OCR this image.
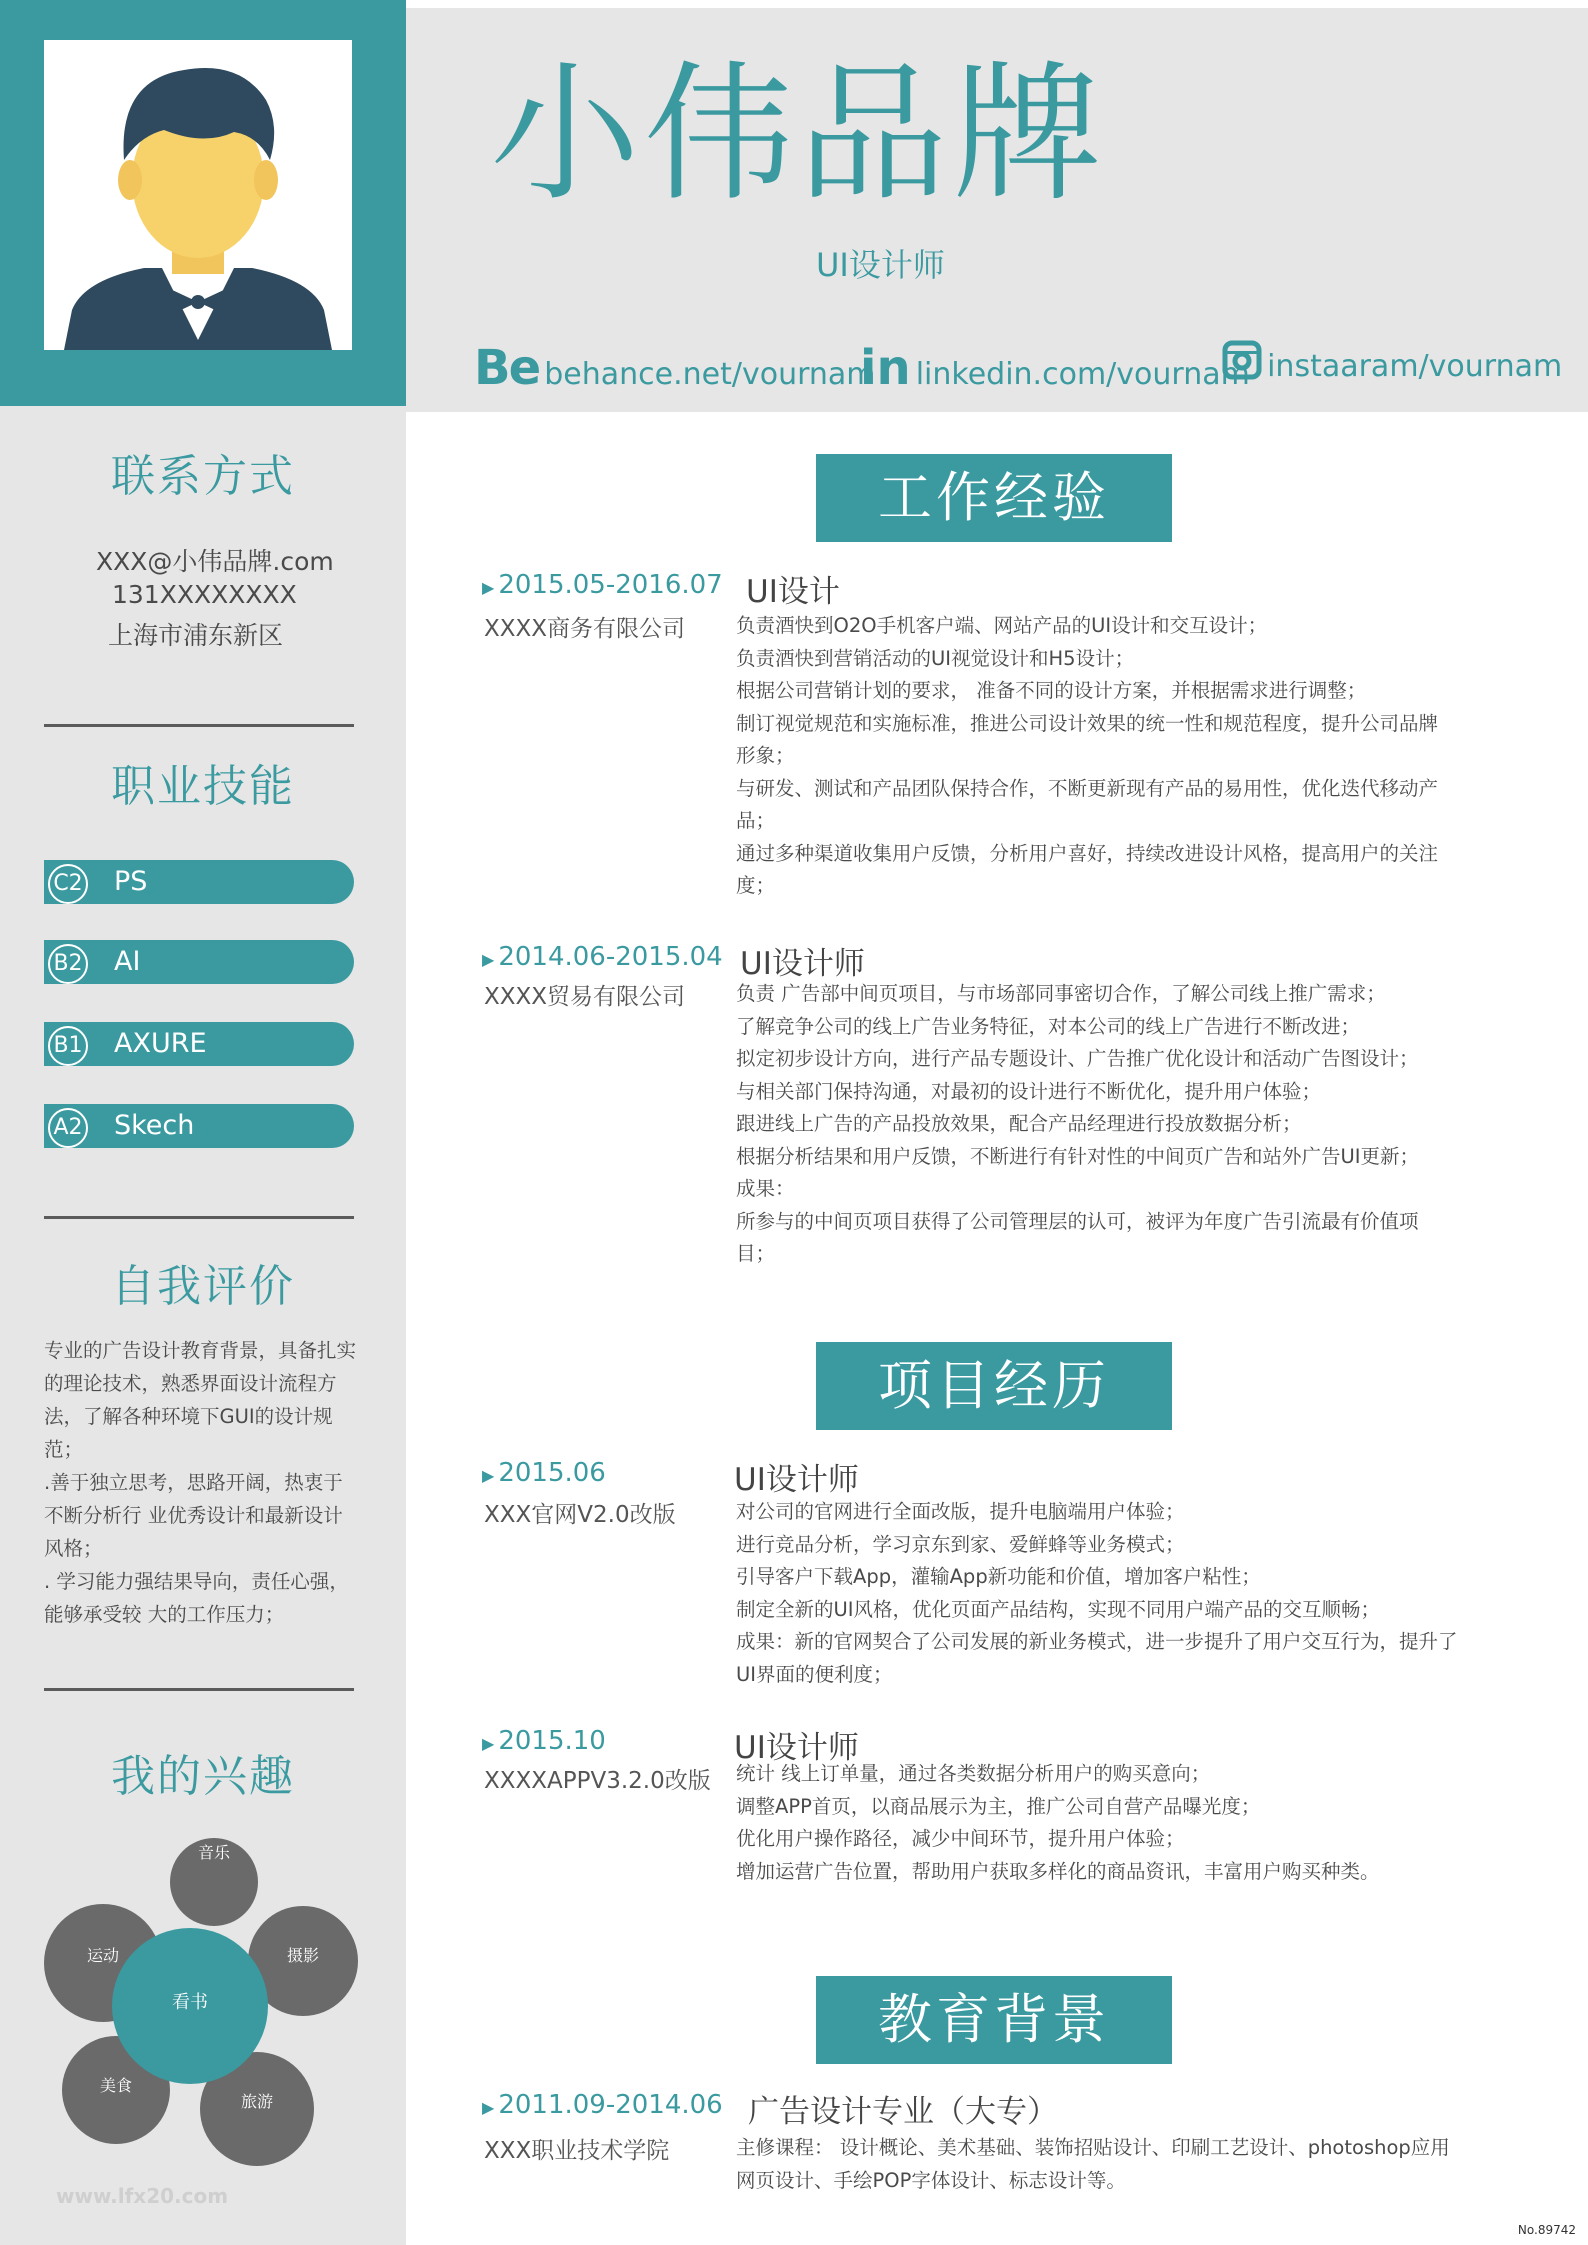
联系方式
XXX@小伟品牌.com
131XXXXXXXX
上海市浦东新区
职业技能
C2 PS
B2 AI
B1 AXURE
A2 Skech
自我评价

专业的广告设计教育背景，具备扎实的理论技术，熟悉界面设计流程方法，了解各种环境下GUI的设计规范；

.善于独立思考，思路开阔，热衷于不断分析行 业优秀设计和最新设计风格；

. 学习能力强结果导向，责任心强，能够承受较 大的工作压力；

我的兴趣
音乐
摄影
旅游
美食
运动
看书
www.lfx20.com
小伟品牌
UI设计师
Be behance.net/vournam
in linkedin.com/vournam instaaram/vournam
工作经验
▶ 2015.05-2016.07 UI设计
XXXX商务有限公司	负责酒快到O2O手机客户端、网站产品的UI设计和交互设计；
负责酒快到营销活动的UI视觉设计和H5设计；
根据公司营销计划的要求， 准备不同的设计方案，并根据需求进行调整；
制订视觉规范和实施标准，推进公司设计效果的统一性和规范程度，提升公司品牌
形象；
与研发、测试和产品团队保持合作，不断更新现有产品的易用性，优化迭代移动产
品；
通过多种渠道收集用户反馈，分析用户喜好，持续改进设计风格，提高用户的关注
度；
▶ 2014.06-2015.04 UI设计师
XXXX贸易有限公司	负责 广告部中间页项目，与市场部同事密切合作，了解公司线上推广需求；
了解竞争公司的线上广告业务特征，对本公司的线上广告进行不断改进；
拟定初步设计方向，进行产品专题设计、广告推广优化设计和活动广告图设计；
与相关部门保持沟通，对最初的设计进行不断优化，提升用户体验；
跟进线上广告的产品投放效果，配合产品经理进行投放数据分析；
根据分析结果和用户反馈，不断进行有针对性的中间页广告和站外广告UI更新；
成果：
所参与的中间页项目获得了公司管理层的认可，被评为年度广告引流最有价值项
目；
项目经历
▶ 2015.06	UI设计师
XXX官网V2.0改版	对公司的官网进行全面改版，提升电脑端用户体验；
进行竞品分析，学习京东到家、爱鲜蜂等业务模式；
引导客户下载App，灌输App新功能和价值，增加客户粘性；
制定全新的UI风格，优化页面产品结构，实现不同用户端产品的交互顺畅；
成果：新的官网契合了公司发展的新业务模式，进一步提升了用户交互行为，提升了
UI界面的便利度；
▶ 2015.10	UI设计师
XXXXAPPV3.2.0改版 统计 线上订单量，通过各类数据分析用户的购买意向；
调整APP首页，以商品展示为主，推广公司自营产品曝光度；
优化用户操作路径，减少中间环节，提升用户体验；
增加运营广告位置，帮助用户获取多样化的商品资讯，丰富用户购买种类。
教育背景
▶ 2011.09-2014.06 广告设计专业（大专）
XXX职业技术学院	主修课程： 设计概论、美术基础、装饰招贴设计、印刷工艺设计、photoshop应用
网页设计、手绘POP字体设计、标志设计等。
No.89742
